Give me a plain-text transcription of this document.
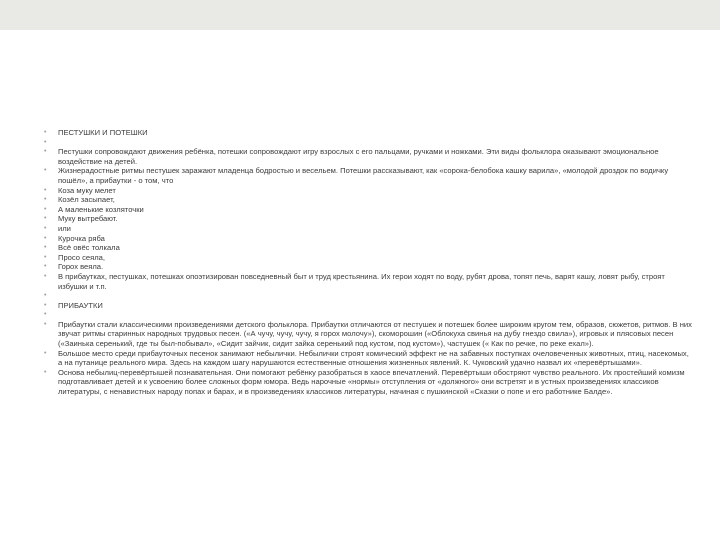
•	ПЕСТУШКИ И ПОТЕШКИ
•
•	Пестушки сопровождают движения ребёнка, потешки сопровождают игру взрослых с его пальцами, ручками и ножками. Эти виды фольклора оказывают эмоциональное воздействие на детей.
•	Жизнерадостные ритмы пестушек заражают младенца бодростью и весельем. Потешки рассказывают, как «сорока-белобока кашку варила», «молодой дроздок по водичку пошёл», а прибаутки - о том, что
•	Коза муку мелет
•	Козёл засыпает,
•	А маленькие козляточки
•	Муку вытребают.
•	или
•	Курочка ряба
•	Всё овёс толкала
•	Просо сеяла,
•	Горох веяла.
•	В прибаутках, пестушках, потешках опоэтизирован повседневный быт и труд крестьянина. Их герои ходят по воду, рубят дрова, топят печь, варят кашу, ловят рыбу, строят избушки и т.п.
•
•	ПРИБАУТКИ
•
•	Прибаутки стали классическими произведениями детского фольклора. Прибаутки отличаются от пестушек и потешек более широким кругом тем, образов, сюжетов, ритмов. В них звучат ритмы старинных народных трудовых песен. («А чучу, чучу, чучу, я горох молочу»), скоморошин («Облокуха свинья на дубу гнездо свила»), игровых и плясовых песен («Заинька серенький, где ты был-побывал», «Сидит зайчик, сидит зайка серенький под кустом, под кустом»), частушек (« Как по речке, по реке ехал»).
•	Большое место среди прибауточных песенок занимают небылички. Небылички строят комический эффект не на забавных поступках очеловеченных животных, птиц, насекомых, а на путанице реального мира. Здесь на каждом шагу нарушаются естественные отношения жизненных явлений. К. Чуковский удачно назвал их «перевёртышами».
•	Основа небылиц-перевёртышей познавательная. Они помогают ребёнку разобраться в хаосе впечатлений. Перевёртыши обостряют чувство реального. Их простейший комизм подготавливает детей и к усвоению более сложных форм юмора. Ведь нарочные «нормы» отступления от «должного» они встретят и в устных произведениях классиков литературы, с ненавистных народу попах и барах, и в произведениях классиков литературы, начиная с пушкинской «Сказки о попе и его работнике Балде».
